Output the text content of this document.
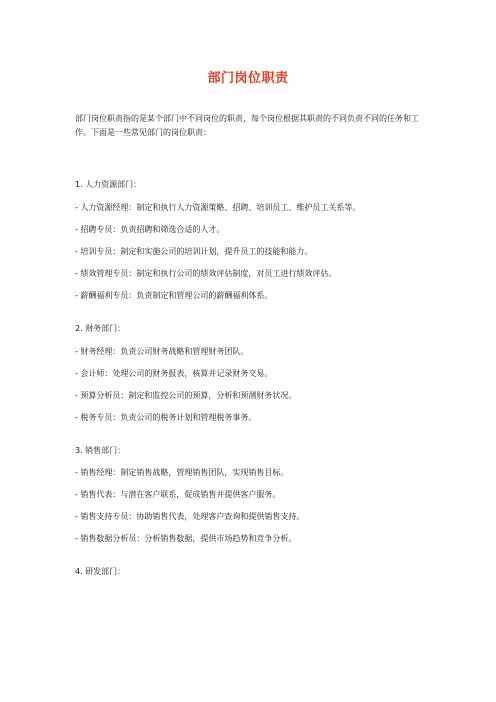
部门岗位职责

部门岗位职责指的是某个部门中不同岗位的职责，每个岗位根据其职责的不同负责不同的任务和工作。下面是一些常见部门的岗位职责：

1. 人力资源部门：

- 人力资源经理：制定和执行人力资源策略、招聘、培训员工、维护员工关系等。

- 招聘专员：负责招聘和筛选合适的人才。

- 培训专员：制定和实施公司的培训计划，提升员工的技能和能力。

- 绩效管理专员：制定和执行公司的绩效评估制度，对员工进行绩效评估。

- 薪酬福利专员：负责制定和管理公司的薪酬福利体系。

2. 财务部门：

- 财务经理：负责公司财务战略和管理财务团队。

- 会计师：处理公司的财务报表，核算并记录财务交易。

- 预算分析员：制定和监控公司的预算，分析和预测财务状况。

- 税务专员：负责公司的税务计划和管理税务事务。

3. 销售部门：

- 销售经理：制定销售战略，管理销售团队，实现销售目标。

- 销售代表：与潜在客户联系，促成销售并提供客户服务。

- 销售支持专员：协助销售代表，处理客户查询和提供销售支持。

- 销售数据分析员：分析销售数据，提供市场趋势和竞争分析。

4. 研发部门：
